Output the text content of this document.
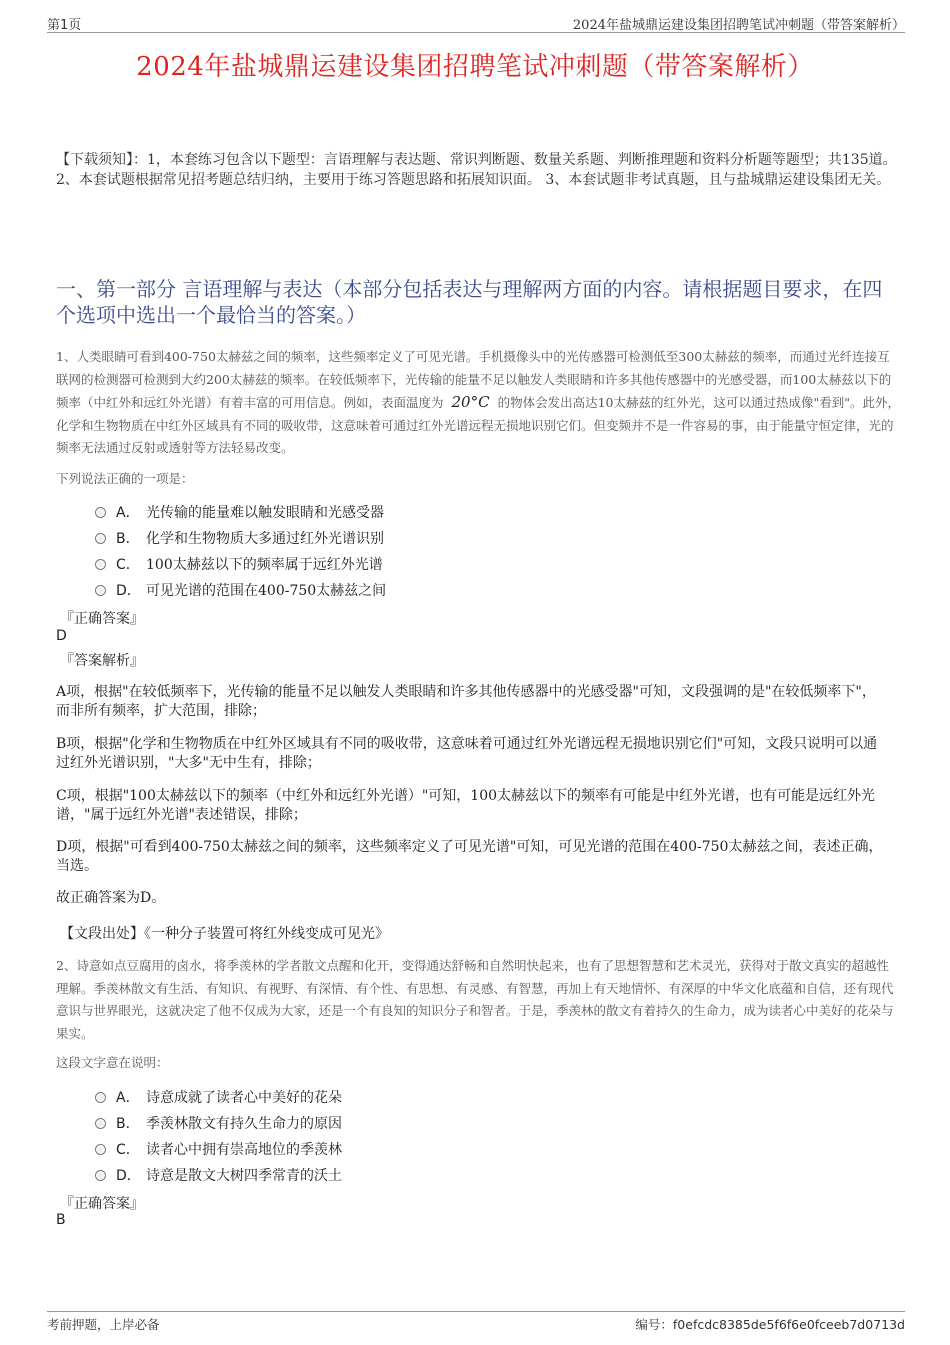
第1页	2024年盐城鼎运建设集团招聘笔试冲刺题（带答案解析）
2024年盐城鼎运建设集团招聘笔试冲刺题（带答案解析）

【下载须知】：1，本套练习包含以下题型：言语理解与表达题、常识判断题、数量关系题、判断推理题和资料分析题等题型；共135道。 2、本套试题根据常见招考题总结归纳，主要用于练习答题思路和拓展知识面。 3、本套试题非考试真题，且与盐城鼎运建设集团无关。

一、第一部分 言语理解与表达（本部分包括表达与理解两方面的内容。请根据题目要求，在四个选项中选出一个最恰当的答案。）

1、人类眼睛可看到400-750太赫兹之间的频率，这些频率定义了可见光谱。手机摄像头中的光传感器可检测低至300太赫兹的频率，而通过光纤连接互联网的检测器可检测到大约200太赫兹的频率。在较低频率下，光传输的能量不足以触发人类眼睛和许多其他传感器中的光感受器，而100太赫兹以下的频率（中红外和远红外光谱）有着丰富的可用信息。例如，表面温度为 20°C 的物体会发出高达10太赫兹的红外光，这可以通过热成像"看到"。此外，化学和生物物质在中红外区域具有不同的吸收带，这意味着可通过红外光谱远程无损地识别它们。但变频并不是一件容易的事，由于能量守恒定律，光的频率无法通过反射或透射等方法轻易改变。

下列说法正确的一项是：

A． 光传输的能量难以触发眼睛和光感受器
B． 化学和生物物质大多通过红外光谱识别
C． 100太赫兹以下的频率属于远红外光谱
D． 可见光谱的范围在400-750太赫兹之间
『正确答案』
D
『答案解析』

A项，根据"在较低频率下，光传输的能量不足以触发人类眼睛和许多其他传感器中的光感受器"可知，文段强调的是"在较低频率下"，而非所有频率，扩大范围，排除；

B项，根据"化学和生物物质在中红外区域具有不同的吸收带，这意味着可通过红外光谱远程无损地识别它们"可知，文段只说明可以通过红外光谱识别，"大多"无中生有，排除；

C项，根据"100太赫兹以下的频率（中红外和远红外光谱）"可知，100太赫兹以下的频率有可能是中红外光谱，也有可能是远红外光谱，"属于远红外光谱"表述错误，排除；

D项，根据"可看到400-750太赫兹之间的频率，这些频率定义了可见光谱"可知，可见光谱的范围在400-750太赫兹之间，表述正确，当选。

故正确答案为D。

【文段出处】《一种分子装置可将红外线变成可见光》

2、诗意如点豆腐用的卤水，将季羡林的学者散文点醒和化开，变得通达舒畅和自然明快起来，也有了思想智慧和艺术灵光，获得对于散文真实的超越性理解。季羡林散文有生活、有知识、有视野、有深情、有个性、有思想、有灵感、有智慧，再加上有天地情怀、有深厚的中华文化底蕴和自信，还有现代意识与世界眼光，这就决定了他不仅成为大家，还是一个有良知的知识分子和智者。于是，季羡林的散文有着持久的生命力，成为读者心中美好的花朵与果实。

这段文字意在说明：

A． 诗意成就了读者心中美好的花朵
B． 季羡林散文有持久生命力的原因
C． 读者心中拥有崇高地位的季羡林
D． 诗意是散文大树四季常青的沃土
『正确答案』
B
考前押题，上岸必备	编号：f0efcdc8385de5f6f6e0fceeb7d0713d
